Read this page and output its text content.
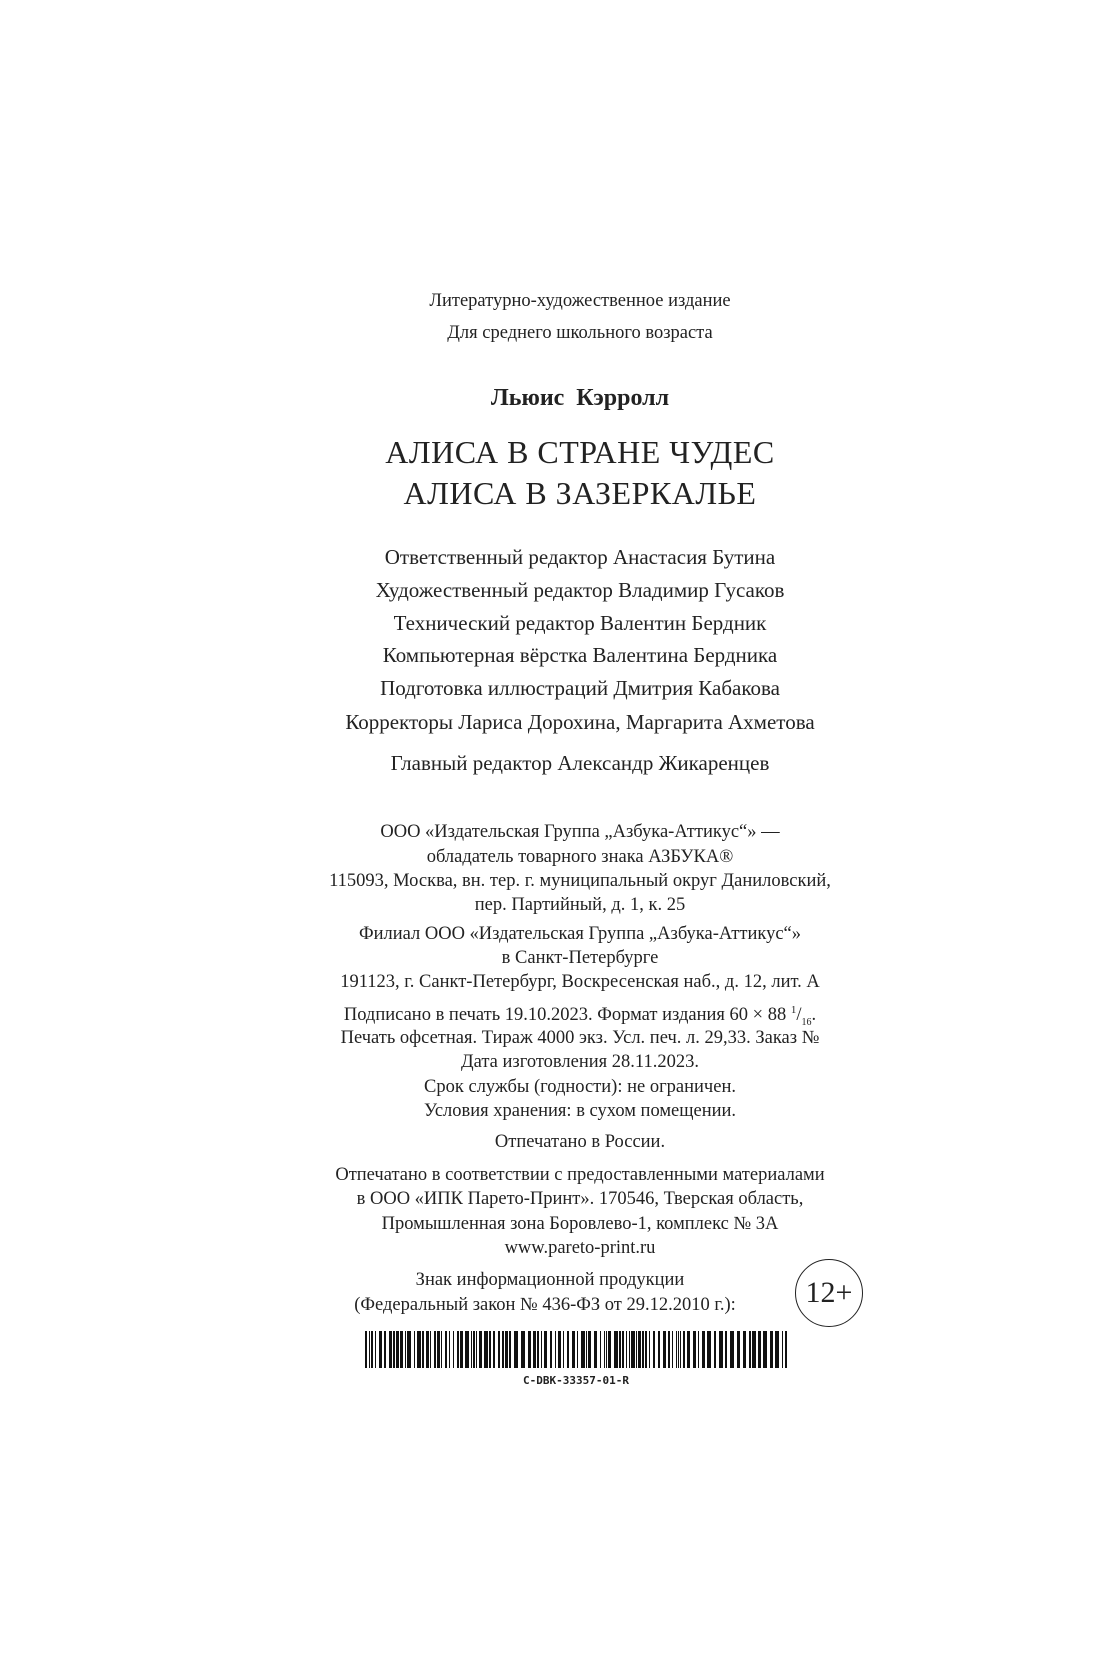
Литературно-художественное издание
Для среднего школьного возраста
Льюис Кэрролл
АЛИСА В СТРАНЕ ЧУДЕС
АЛИСА В ЗАЗЕРКАЛЬЕ
Ответственный редактор Анастасия Бутина
Художественный редактор Владимир Гусаков
Технический редактор Валентин Бердник
Компьютерная вёрстка Валентина Бердника
Подготовка иллюстраций Дмитрия Кабакова
Корректоры Лариса Дорохина, Маргарита Ахметова
Главный редактор Александр Жикаренцев
ООО «Издательская Группа „Азбука-Аттикус“» —
обладатель товарного знака АЗБУКА®
115093, Москва, вн. тер. г. муниципальный округ Даниловский,
пер. Партийный, д. 1, к. 25
Филиал ООО «Издательская Группа „Азбука-Аттикус“»
в Санкт-Петербурге
191123, г. Санкт-Петербург, Воскресенская наб., д. 12, лит. А
Подписано в печать 19.10.2023. Формат издания 60 × 88 $^1/_{16}$.
Печать офсетная. Тираж 4000 экз. Усл. печ. л. 29,33. Заказ №
Дата изготовления 28.11.2023.
Срок службы (годности): не ограничен.
Условия хранения: в сухом помещении.
Отпечатано в России.
Отпечатано в соответствии с предоставленными материалами
в ООО «ИПК Парето-Принт». 170546, Тверская область,
Промышленная зона Боровлево-1, комплекс № 3А
www.pareto-print.ru
Знак информационной продукции
(Федеральный закон № 436-ФЗ от 29.12.2010 г.):	12+
C-DBK-33357-01-R
